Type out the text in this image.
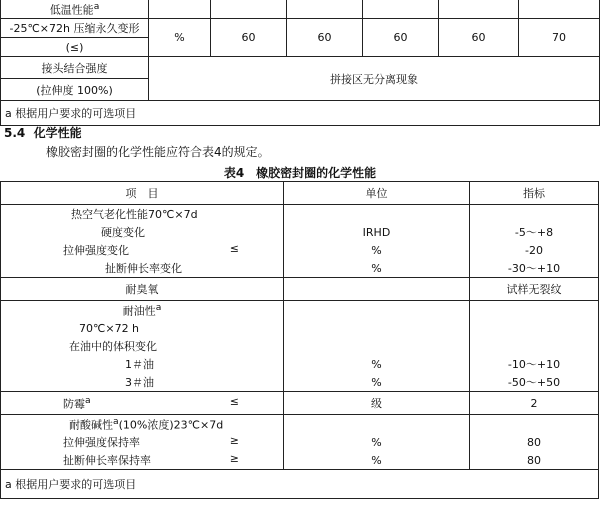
低温性能$^a$						
-25℃×72h 压缩永久变形	%	60	60	60	60	70
(≤)						
接头结合强度	拼接区无分离现象					
(拉伸度 100%)						
a 根据用户要求的可选项目						

5.4 化学性能

橡胶密封圈的化学性能应符合表4的规定。

表4　橡胶密封圈的化学性能

项　目	单位	指标
热空气老化性能70℃×7d		
硬度变化	IRHD	-5～+8

拉伸强度变化 ≤	%	-20
扯断伸长率变化	%	-30～+10
耐臭氧		试样无裂纹
耐油性$^a$		
70℃×72 h		
在油中的体积变化		
1＃油	%	-10～+10
3＃油	%	-50～+50

防霉$^a$ ≤	级	2
耐酸碱性$^a$(10%浓度)23℃×7d		

拉伸强度保持率 ≥	%	80

扯断伸长率保持率 ≥	%	80
a 根据用户要求的可选项目		
